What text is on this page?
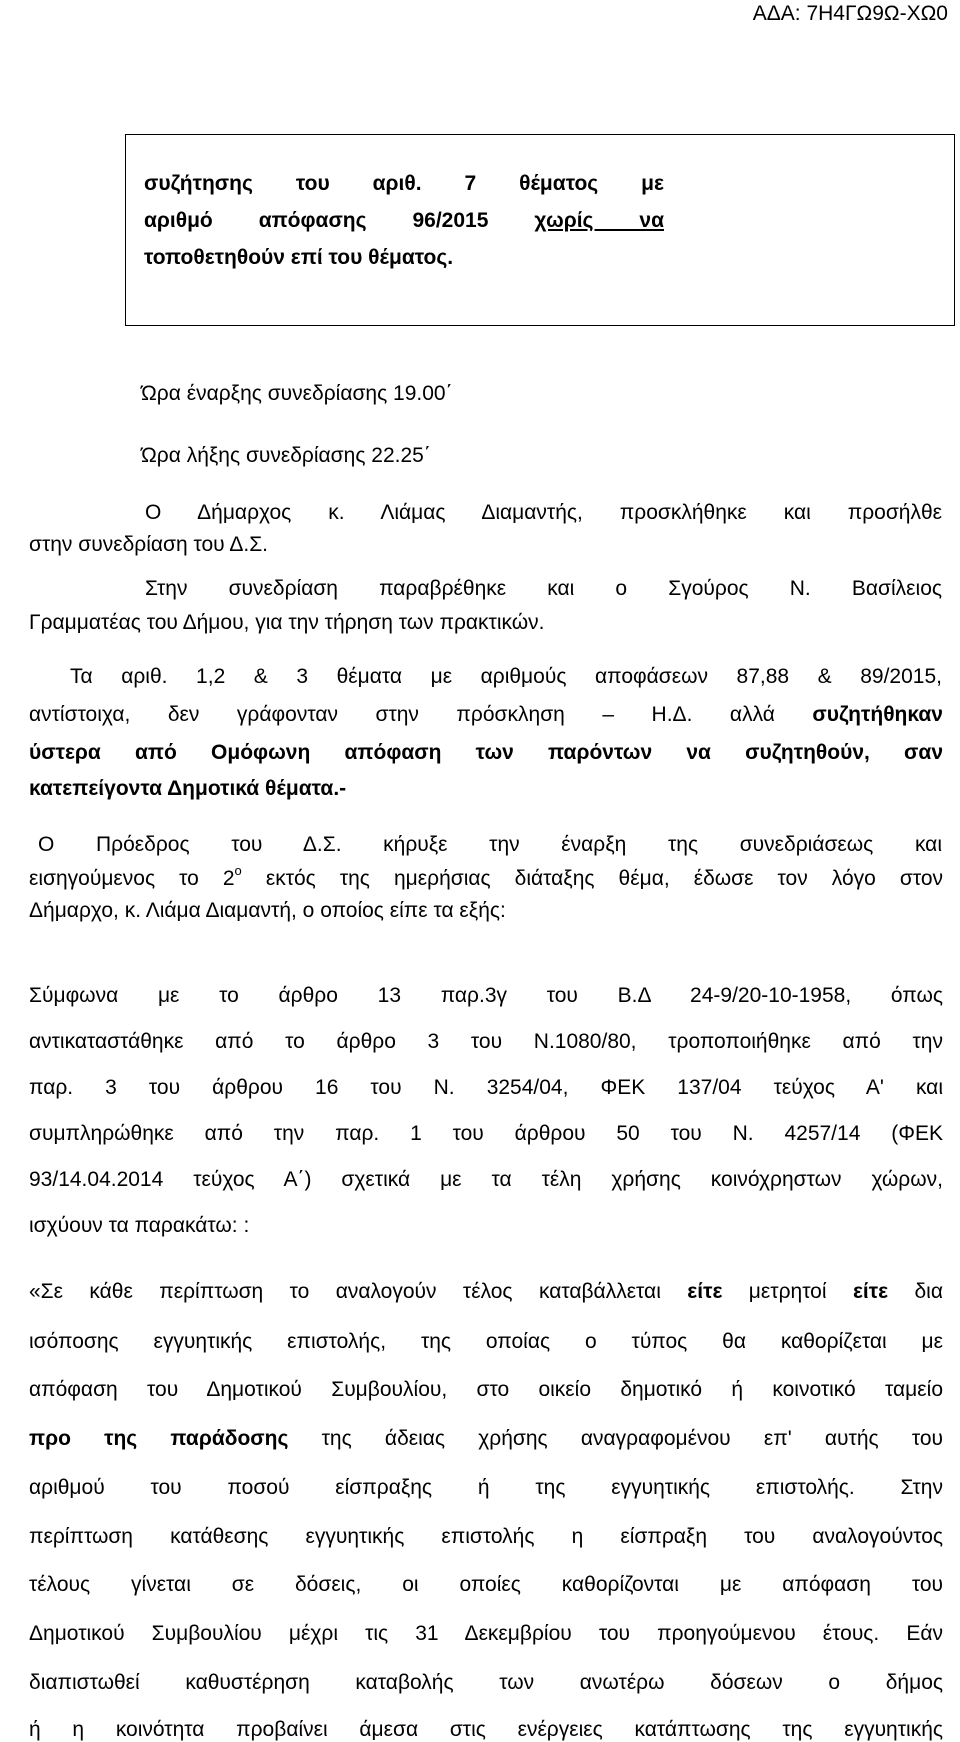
ΑΔΑ: 7Η4ΓΩ9Ω-ΧΩ0
συζήτησης του αριθ. 7 θέματος με
αριθμό απόφασης 96/2015 χωρίς να
τοποθετηθούν επί του θέματος.
Ώρα έναρξης συνεδρίασης 19.00΄
Ώρα λήξης συνεδρίασης 22.25΄
Ο Δήμαρχος κ. Λιάμας Διαμαντής, προσκλήθηκε και προσήλθε
στην συνεδρίαση του Δ.Σ.
Στην συνεδρίαση παραβρέθηκε και ο Σγούρος Ν. Βασίλειος
Γραμματέας του Δήμου, για την τήρηση των πρακτικών.
Τα αριθ. 1,2 & 3 θέματα με αριθμούς αποφάσεων 87,88 & 89/2015,
αντίστοιχα, δεν γράφονταν στην πρόσκληση – Η.Δ. αλλά συζητήθηκαν
ύστερα από Ομόφωνη απόφαση των παρόντων να συζητηθούν, σαν
κατεπείγοντα Δημοτικά θέματα.-
Ο Πρόεδρος του Δ.Σ. κήρυξε την έναρξη της συνεδριάσεως και
εισηγούμενος το $2^o$ εκτός της ημερήσιας διάταξης θέμα, έδωσε τον λόγο στον
Δήμαρχο, κ. Λιάμα Διαμαντή, ο οποίος είπε τα εξής:
Σύμφωνα με το άρθρο 13 παρ.3γ του Β.Δ 24-9/20-10-1958, όπως
αντικαταστάθηκε από το άρθρο 3 του Ν.1080/80, τροποποιήθηκε από την
παρ. 3 του άρθρου 16 του Ν. 3254/04, ΦΕΚ 137/04 τεύχος Α' και
συμπληρώθηκε από την παρ. 1 του άρθρου 50 του Ν. 4257/14 (ΦΕΚ
93/14.04.2014 τεύχος Α΄) σχετικά με τα τέλη χρήσης κοινόχρηστων χώρων,
ισχύουν τα παρακάτω: :
«Σε κάθε περίπτωση το αναλογούν τέλος καταβάλλεται είτε μετρητοί είτε δια
ισόποσης εγγυητικής επιστολής, της οποίας ο τύπος θα καθορίζεται με
απόφαση του Δημοτικού Συμβουλίου, στο οικείο δημοτικό ή κοινοτικό ταμείο
προ της παράδοσης της άδειας χρήσης αναγραφομένου επ' αυτής του
αριθμού του ποσού είσπραξης ή της εγγυητικής επιστολής. Στην
περίπτωση κατάθεσης εγγυητικής επιστολής η είσπραξη του αναλογούντος
τέλους γίνεται σε δόσεις, οι οποίες καθορίζονται με απόφαση του
Δημοτικού Συμβουλίου μέχρι τις 31 Δεκεμβρίου του προηγούμενου έτους. Εάν
διαπιστωθεί καθυστέρηση καταβολής των ανωτέρω δόσεων ο δήμος
ή η κοινότητα προβαίνει άμεσα στις ενέργειες κατάπτωσης της εγγυητικής
